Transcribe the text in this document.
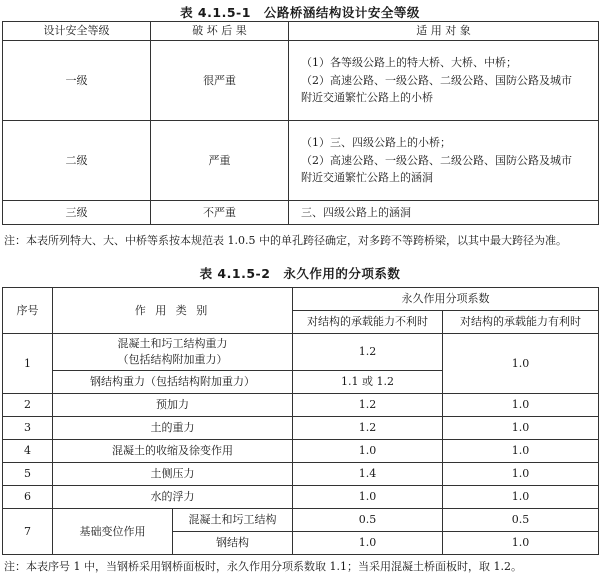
表 4.1.5-1　公路桥涵结构设计安全等级
设计安全等级	破 坏 后 果	适 用 对 象
一级	很严重	（1）各等级公路上的特大桥、大桥、中桥；
（2）高速公路、一级公路、二级公路、国防公路及城市
附近交通繁忙公路上的小桥

二级	严重	（1）三、四级公路上的小桥；
（2）高速公路、一级公路、二级公路、国防公路及城市
附近交通繁忙公路上的涵洞

三级	不严重	三、四级公路上的涵洞
注：本表所列特大、大、中桥等系按本规范表 1.0.5 中的单孔跨径确定，对多跨不等跨桥梁，以其中最大跨径为准。
表 4.1.5-2　永久作用的分项系数
序号	作 用 类 别		永久作用分项系数	
			对结构的承载能力不利时	对结构的承载能力有利时
1	混凝土和圬工结构重力
（包括结构附加重力）		1.2	1.0
	钢结构重力（包括结构附加重力）		1.1 或 1.2	
2	预加力		1.2	1.0
3	土的重力		1.2	1.0
4	混凝土的收缩及徐变作用		1.0	1.0
5	土侧压力		1.4	1.0
6	水的浮力		1.0	1.0
7	基础变位作用	混凝土和圬工结构	0.5	0.5
		钢结构	1.0	1.0
注：本表序号 1 中，当钢桥采用钢桥面板时，永久作用分项系数取 1.1；当采用混凝土桥面板时，取 1.2。
